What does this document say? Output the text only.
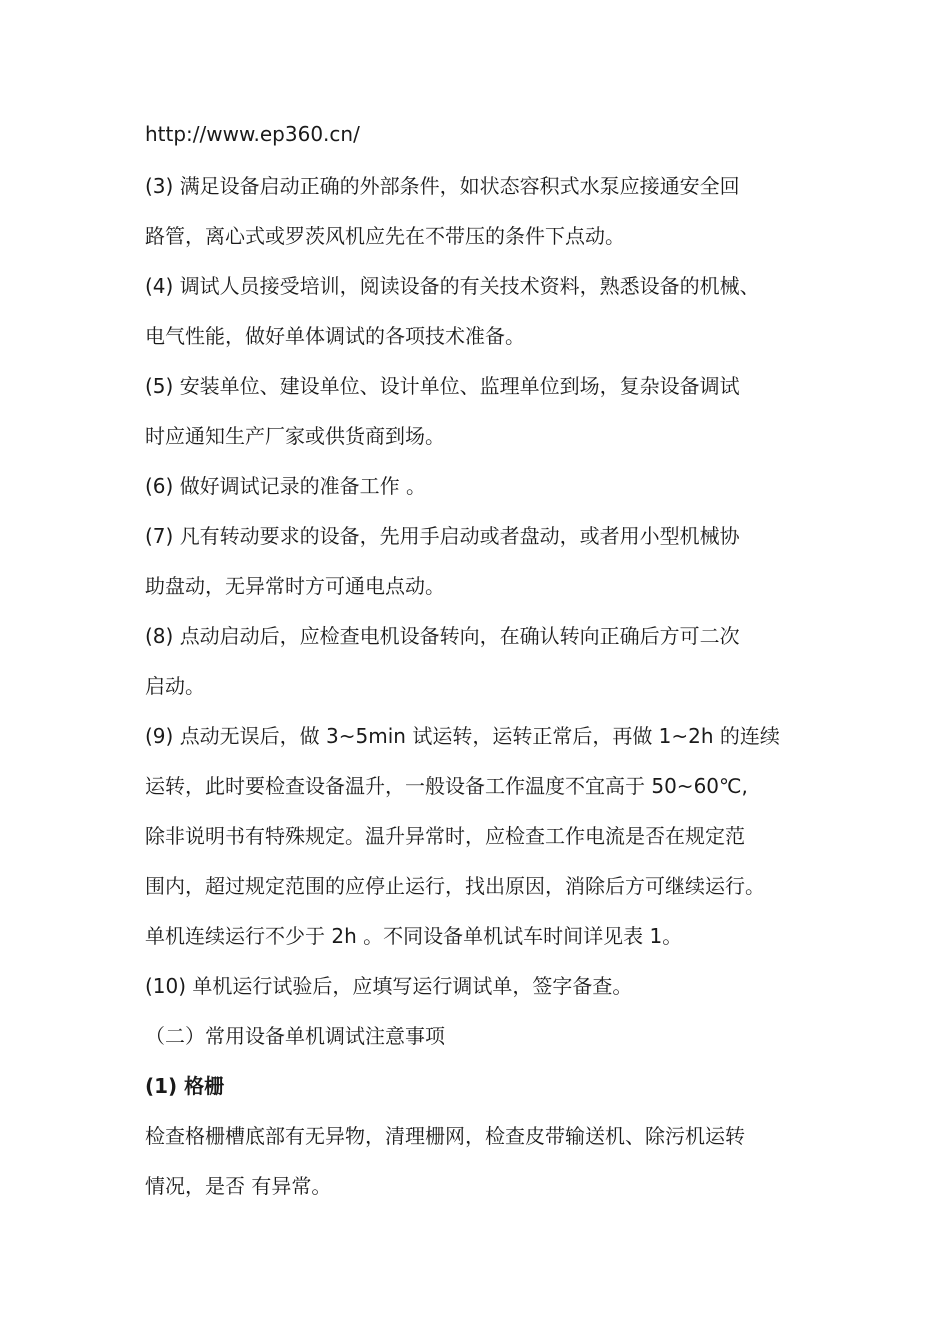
http://www.ep360.cn/
(3) 满足设备启动正确的外部条件，如状态容积式水泵应接通安全回
路管，离心式或罗茨风机应先在不带压的条件下点动。
(4) 调试人员接受培训，阅读设备的有关技术资料，熟悉设备的机械、
电气性能，做好单体调试的各项技术准备。
(5) 安装单位、建设单位、设计单位、监理单位到场，复杂设备调试
时应通知生产厂家或供货商到场。
(6) 做好调试记录的准备工作 。
(7) 凡有转动要求的设备，先用手启动或者盘动，或者用小型机械协
助盘动，无异常时方可通电点动。
(8) 点动启动后，应检查电机设备转向，在确认转向正确后方可二次
启动。
(9) 点动无误后，做 3~5min 试运转，运转正常后，再做 1~2h 的连续
运转，此时要检查设备温升，一般设备工作温度不宜高于 50~60℃,
除非说明书有特殊规定。温升异常时，应检查工作电流是否在规定范
围内，超过规定范围的应停止运行，找出原因，消除后方可继续运行。
单机连续运行不少于 2h 。不同设备单机试车时间详见表 1。
(10) 单机运行试验后，应填写运行调试单，签字备查。
（二）常用设备单机调试注意事项
(1) 格栅
检查格栅槽底部有无异物，清理栅网，检查皮带输送机、除污机运转
情况，是否 有异常。
